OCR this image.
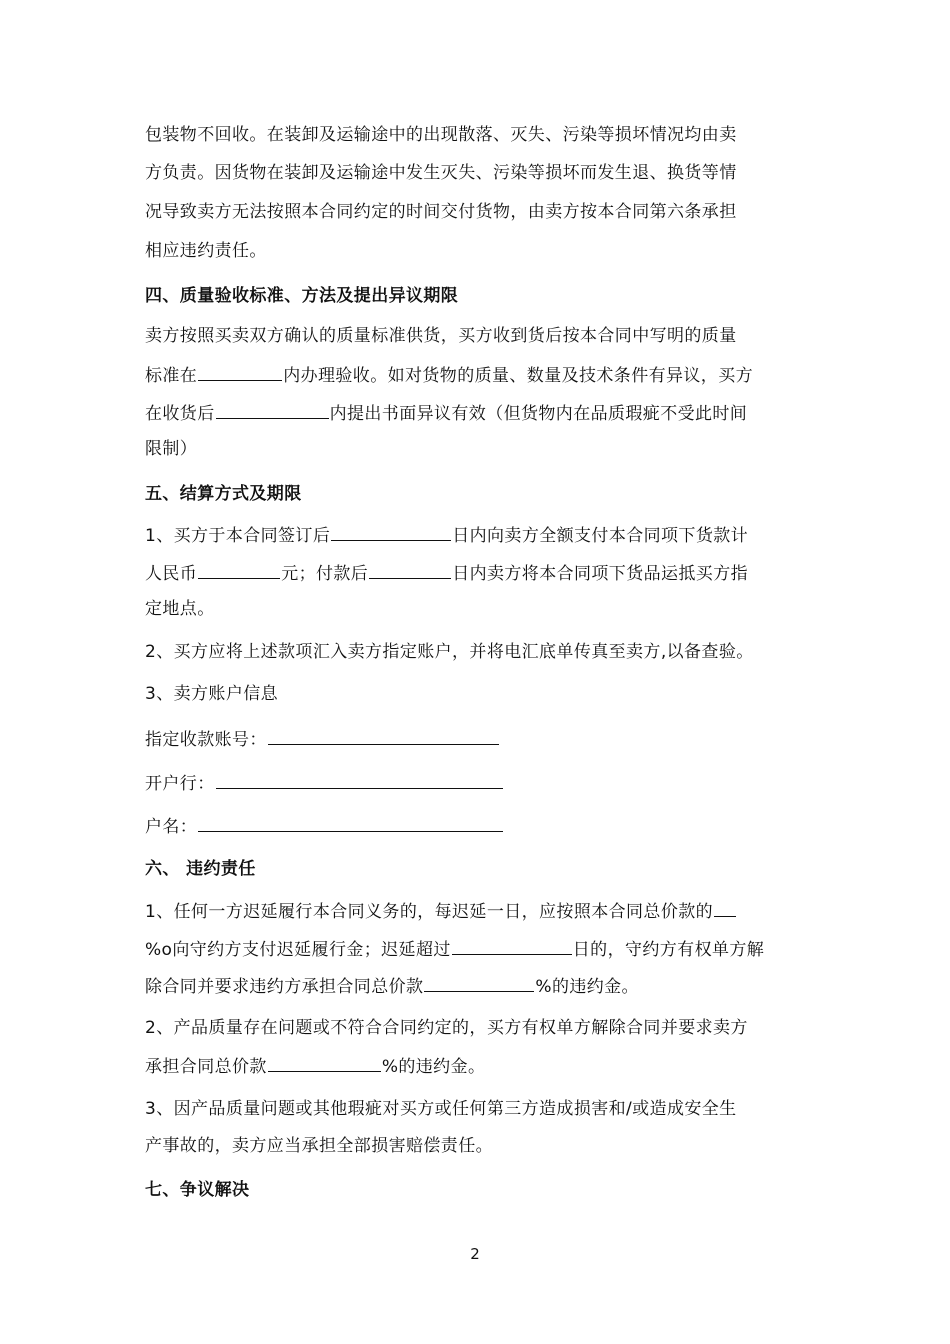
包装物不回收。在装卸及运输途中的出现散落、灭失、污染等损坏情况均由卖
方负责。因货物在装卸及运输途中发生灭失、污染等损坏而发生退、换货等情
况导致卖方无法按照本合同约定的时间交付货物，由卖方按本合同第六条承担
相应违约责任。
四、质量验收标准、方法及提出异议期限
卖方按照买卖双方确认的质量标准供货，买方收到货后按本合同中写明的质量
标准在	内办理验收。如对货物的质量、数量及技术条件有异议，买方
在收货后	内提出书面异议有效（但货物内在品质瑕疵不受此时间
限制）
五、结算方式及期限
1、买方于本合同签订后	日内向卖方全额支付本合同项下货款计
人民币	元；付款后	日内卖方将本合同项下货品运抵买方指
定地点。
2、买方应将上述款项汇入卖方指定账户，并将电汇底单传真至卖方,以备查验。
3、卖方账户信息
指定收款账号：
开户行：
户名：
六、 违约责任
1、任何一方迟延履行本合同义务的，每迟延一日，应按照本合同总价款的
%o向守约方支付迟延履行金；迟延超过	日的，守约方有权单方解
除合同并要求违约方承担合同总价款	%的违约金。
2、产品质量存在问题或不符合合同约定的，买方有权单方解除合同并要求卖方
承担合同总价款	%的违约金。
3、因产品质量问题或其他瑕疵对买方或任何第三方造成损害和/或造成安全生
产事故的，卖方应当承担全部损害赔偿责任。
七、争议解决
2
